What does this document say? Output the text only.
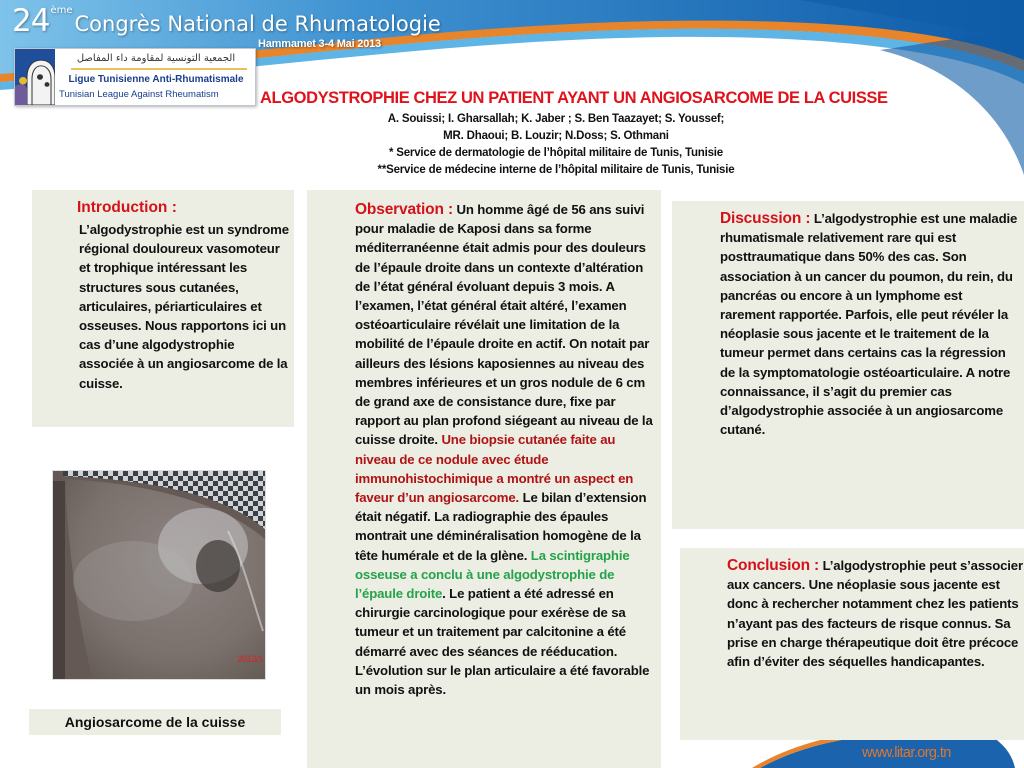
24èmeCongrès National de Rhumatologie
Hammamet 3-4 Mai 2013
الجمعية التونسية لمقاومة داء المفاصل
Ligue Tunisienne Anti-Rhumatismale
Tunisian League Against Rheumatism	ALGODYSTROPHIE CHEZ UN PATIENT AYANT UN ANGIOSARCOME DE LA CUISSE
A. Souissi; I. Gharsallah; K. Jaber ; S. Ben Taazayet; S. Youssef;
MR. Dhaoui; B. Louzir; N.Doss; S. Othmani
* Service de dermatologie de l’hôpital militaire de Tunis, Tunisie
**Service de médecine interne de l’hôpital militaire de Tunis, Tunisie
Introduction :

L’algodystrophie est un syndrome régional douloureux vasomoteur et trophique intéressant les structures sous cutanées, articulaires, périarticulaires et osseuses. Nous rapportons ici un cas d’une algodystrophie associée à un angiosarcome de la cuisse.

2012/1
Angiosarcome de la cuisse

Observation : Un homme âgé de 56 ans suivi pour maladie de Kaposi dans sa forme méditerranéenne était admis pour des douleurs de l’épaule droite dans un contexte d’altération de l’état général évoluant depuis 3 mois. A l’examen, l’état général était altéré, l’examen ostéoarticulaire révélait une limitation de la mobilité de l’épaule droite en actif. On notait par ailleurs des lésions kaposiennes au niveau des membres inférieures et un gros nodule de 6 cm de grand axe de consistance dure, fixe par rapport au plan profond siégeant au niveau de la cuisse droite. Une biopsie cutanée faite au niveau de ce nodule avec étude immunohistochimique a montré un aspect en faveur d’un angiosarcome. Le bilan d’extension était négatif. La radiographie des épaules montrait une déminéralisation homogène de la tête humérale et de la glène. La scintigraphie osseuse a conclu à une algodystrophie de l’épaule droite. Le patient a été adressé en chirurgie carcinologique pour exérèse de sa tumeur et un traitement par calcitonine a été démarré avec des séances de rééducation. L’évolution sur le plan articulaire a été favorable un mois après.

Discussion : L’algodystrophie est une maladie rhumatismale relativement rare qui est posttraumatique dans 50% des cas. Son association à un cancer du poumon, du rein, du pancréas ou encore à un lymphome est rarement rapportée. Parfois, elle peut révéler la néoplasie sous jacente et le traitement de la tumeur permet dans certains cas la régression de la symptomatologie ostéoarticulaire. A notre connaissance, il s’agit du premier cas d’algodystrophie associée à un angiosarcome cutané.

Conclusion : L’algodystrophie peut s’associer aux cancers. Une néoplasie sous jacente est donc à rechercher notamment chez les patients n’ayant pas des facteurs de risque connus. Sa prise en charge thérapeutique doit être précoce afin d’éviter des séquelles handicapantes.

www.litar.org.tn
